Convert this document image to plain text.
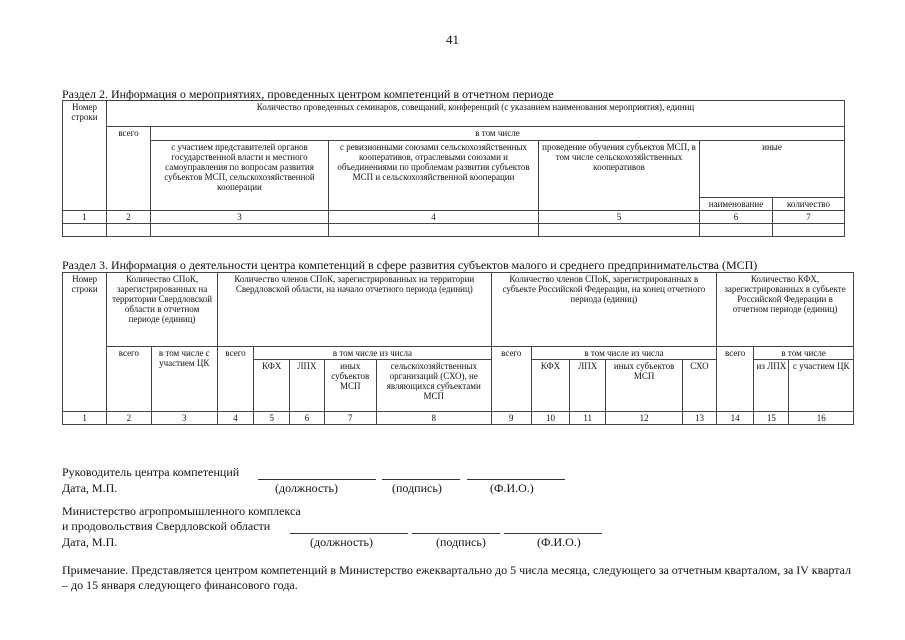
41
Раздел 2. Информация о мероприятиях, проведенных центром компетенций в отчетном периоде
Номер строки	Количество проведенных семинаров, совещаний, конференций (с указанием наименования мероприятия), единиц					
	всего	в том числе				
		с участием представителей органов государственной власти и местного самоуправления по вопросам развития субъектов МСП, сельскохозяйственной кооперации	с ревизионными союзами сельскохозяйственных кооперативов, отраслевыми союзами и объединениями по проблемам развития субъектов МСП и сельскохозяйственной кооперации	проведение обучения субъектов МСП, в том числе сельскохозяйственных кооперативов	иные	
					наименование	количество
1	2	3	4	5	6	7

Раздел 3. Информация о деятельности центра компетенций в сфере развития субъектов малого и среднего предпринимательства (МСП)
Номер строки	Количество СПоК, зарегистрированных на территории Свердловской области в отчетном периоде (единиц)		Количество членов СПоК, зарегистрированных на территории Свердловской области, на начало отчетного периода (единиц)					Количество членов СПоК, зарегистрированных в субъекте Российской Федерации, на конец отчетного периода (единиц)					Количество КФХ, зарегистрированных в субъекте Российской Федерации в отчетном периоде (единиц)		
	всего	в том числе с участием ЦК	всего	в том числе из числа				всего	в том числе из числа				всего	в том числе	
				КФХ	ЛПХ	иных субъектов МСП	сельскохозяйственных организаций (СХО), не являющихся субъектами МСП		КФХ	ЛПХ	иных субъектов МСП	СХО		из ЛПХ	с участием ЦК
1	2	3	4	5	6	7	8	9	10	11	12	13	14	15	16
Руководитель центра компетенций
Дата, М.П.	(должность)	(подпись)	(Ф.И.О.)
Министерство агропромышленного комплекса
и продовольствия Свердловской области
Дата, М.П.	(должность)	(подпись)	(Ф.И.О.)
Примечание. Представляется центром компетенций в Министерство ежеквартально до 5 числа месяца, следующего за отчетным кварталом, за IV квартал – до 15 января следующего финансового года.
